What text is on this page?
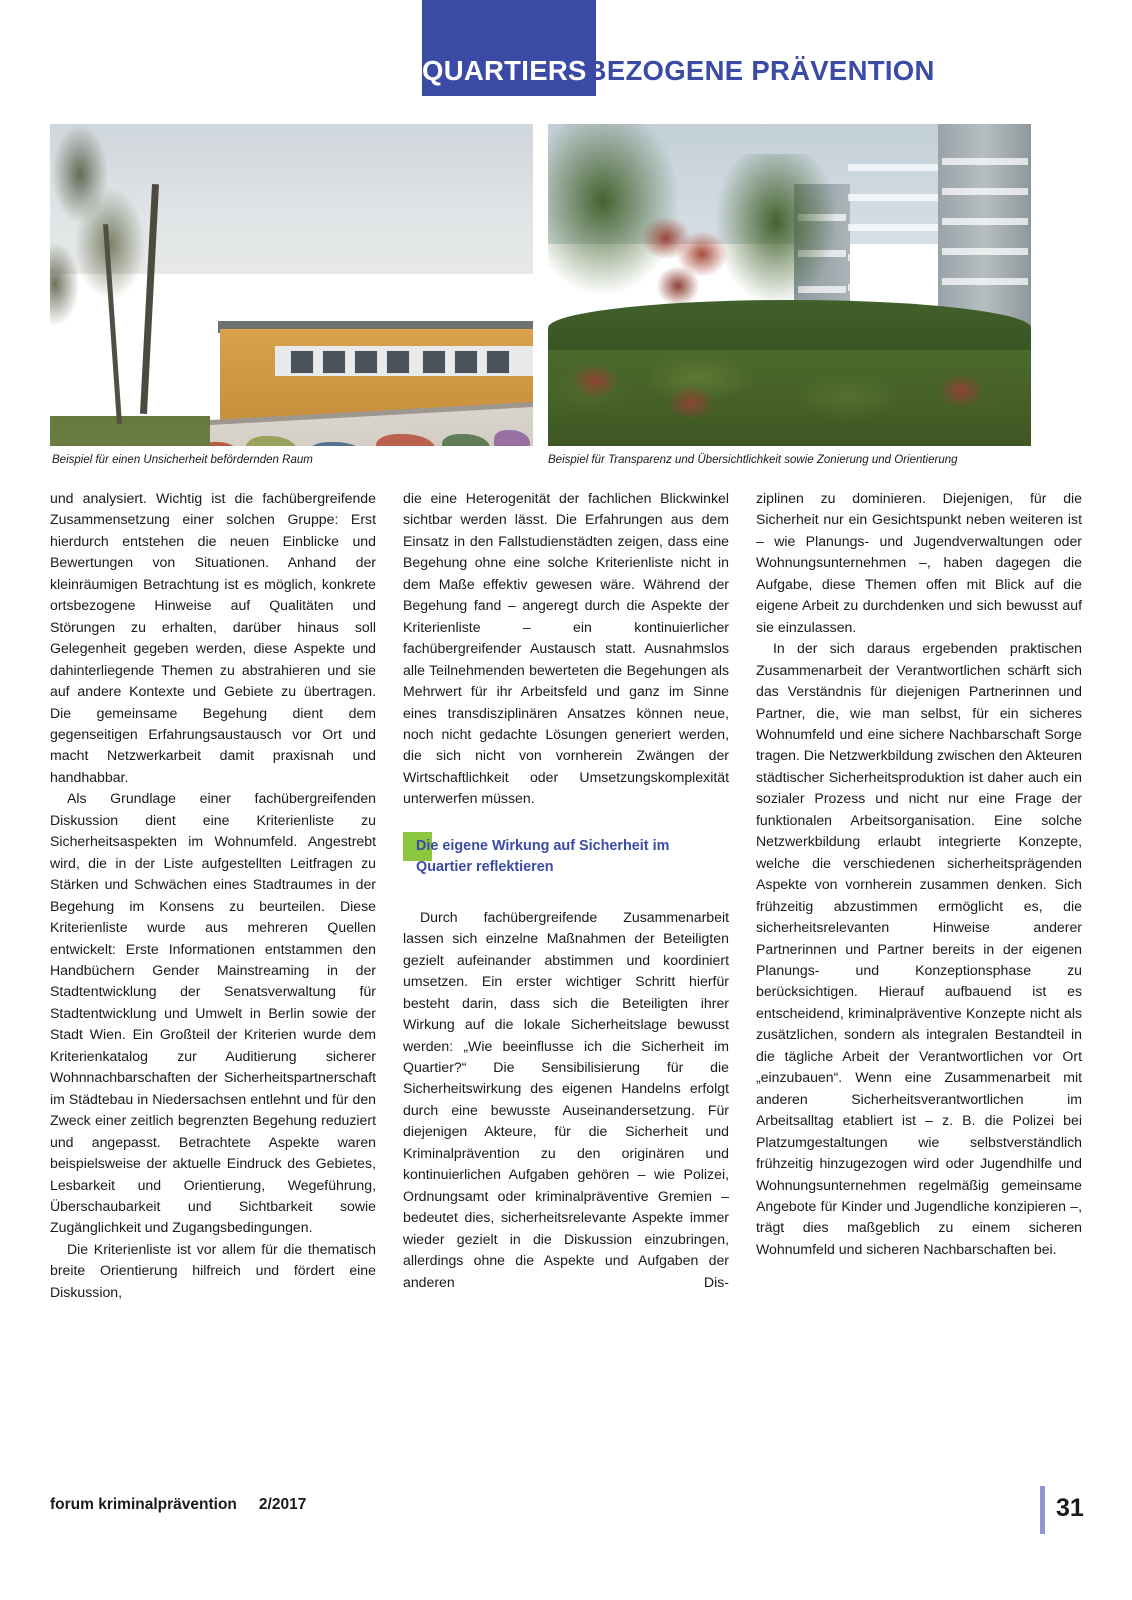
QUARTIERSBEZOGENE PRÄVENTION
Beispiel für einen Unsicherheit befördernden Raum	Beispiel für Transparenz und Übersichtlichkeit sowie Zonierung und Orientierung

und analysiert. Wichtig ist die fachübergreifende Zusammensetzung einer solchen Gruppe: Erst hierdurch entstehen die neuen Einblicke und Bewertungen von Situationen. Anhand der kleinräumigen Betrachtung ist es möglich, konkrete ortsbezogene Hinweise auf Qualitäten und Störungen zu erhalten, darüber hinaus soll Gelegenheit gegeben werden, diese Aspekte und dahinterliegende Themen zu abstrahieren und sie auf andere Kontexte und Gebiete zu übertragen. Die gemeinsame Begehung dient dem gegenseitigen Erfahrungsaustausch vor Ort und macht Netzwerkarbeit damit praxisnah und handhabbar.

Als Grundlage einer fachübergreifenden Diskussion dient eine Kriterienliste zu Sicherheitsaspekten im Wohnumfeld. Angestrebt wird, die in der Liste aufgestellten Leitfragen zu Stärken und Schwächen eines Stadtraumes in der Begehung im Konsens zu beurteilen. Diese Kriterienliste wurde aus mehreren Quellen entwickelt: Erste Informationen entstammen den Handbüchern Gender Mainstreaming in der Stadtentwicklung der Senatsverwaltung für Stadtentwicklung und Umwelt in Berlin sowie der Stadt Wien. Ein Großteil der Kriterien wurde dem Kriterienkatalog zur Auditierung sicherer Wohnnachbarschaften der Sicherheitspartnerschaft im Städtebau in Niedersachsen entlehnt und für den Zweck einer zeitlich begrenzten Begehung reduziert und angepasst. Betrachtete Aspekte waren beispielsweise der aktuelle Eindruck des Gebietes, Lesbarkeit und Orientierung, Wegeführung, Überschaubarkeit und Sichtbarkeit sowie Zugänglichkeit und Zugangsbedingungen.

Die Kriterienliste ist vor allem für die thematisch breite Orientierung hilfreich und fördert eine Diskussion,

die eine Heterogenität der fachlichen Blickwinkel sichtbar werden lässt. Die Erfahrungen aus dem Einsatz in den Fallstudienstädten zeigen, dass eine Begehung ohne eine solche Kriterienliste nicht in dem Maße effektiv gewesen wäre. Während der Begehung fand – angeregt durch die Aspekte der Kriterienliste – ein kontinuierlicher fachübergreifender Austausch statt. Ausnahmslos alle Teilnehmenden bewerteten die Begehungen als Mehrwert für ihr Arbeitsfeld und ganz im Sinne eines transdisziplinären Ansatzes können neue, noch nicht gedachte Lösungen generiert werden, die sich nicht von vornherein Zwängen der Wirtschaftlichkeit oder Umsetzungskomplexität unterwerfen müssen.

Die eigene Wirkung auf Sicherheit im Quartier reflektieren

Durch fachübergreifende Zusammenarbeit lassen sich einzelne Maßnahmen der Beteiligten gezielt aufeinander abstimmen und koordiniert umsetzen. Ein erster wichtiger Schritt hierfür besteht darin, dass sich die Beteiligten ihrer Wirkung auf die lokale Sicherheitslage bewusst werden: „Wie beeinflusse ich die Sicherheit im Quartier?“ Die Sensibilisierung für die Sicherheitswirkung des eigenen Handelns erfolgt durch eine bewusste Auseinandersetzung. Für diejenigen Akteure, für die Sicherheit und Kriminalprävention zu den originären und kontinuierlichen Aufgaben gehören – wie Polizei, Ordnungsamt oder kriminalpräventive Gremien – bedeutet dies, sicherheitsrelevante Aspekte immer wieder gezielt in die Diskussion einzubringen, allerdings ohne die Aspekte und Aufgaben der anderen Dis-

ziplinen zu dominieren. Diejenigen, für die Sicherheit nur ein Gesichtspunkt neben weiteren ist – wie Planungs- und Jugendverwaltungen oder Wohnungsunternehmen –, haben dagegen die Aufgabe, diese Themen offen mit Blick auf die eigene Arbeit zu durchdenken und sich bewusst auf sie einzulassen.

In der sich daraus ergebenden praktischen Zusammenarbeit der Verantwortlichen schärft sich das Verständnis für diejenigen Partnerinnen und Partner, die, wie man selbst, für ein sicheres Wohnumfeld und eine sichere Nachbarschaft Sorge tragen. Die Netzwerkbildung zwischen den Akteuren städtischer Sicherheitsproduktion ist daher auch ein sozialer Prozess und nicht nur eine Frage der funktionalen Arbeitsorganisation. Eine solche Netzwerkbildung erlaubt integrierte Konzepte, welche die verschiedenen sicherheitsprägenden Aspekte von vornherein zusammen denken. Sich frühzeitig abzustimmen ermöglicht es, die sicherheitsrelevanten Hinweise anderer Partnerinnen und Partner bereits in der eigenen Planungs- und Konzeptionsphase zu berücksichtigen. Hierauf aufbauend ist es entscheidend, kriminalpräventive Konzepte nicht als zusätzlichen, sondern als integralen Bestandteil in die tägliche Arbeit der Verantwortlichen vor Ort „einzubauen“. Wenn eine Zusammenarbeit mit anderen Sicherheitsverantwortlichen im Arbeitsalltag etabliert ist – z. B. die Polizei bei Platzumgestaltungen wie selbstverständlich frühzeitig hinzugezogen wird oder Jugendhilfe und Wohnungsunternehmen regelmäßig gemeinsame Angebote für Kinder und Jugendliche konzipieren –, trägt dies maßgeblich zu einem sicheren Wohnumfeld und sicheren Nachbarschaften bei.

forum kriminalprävention 2/2017	31
